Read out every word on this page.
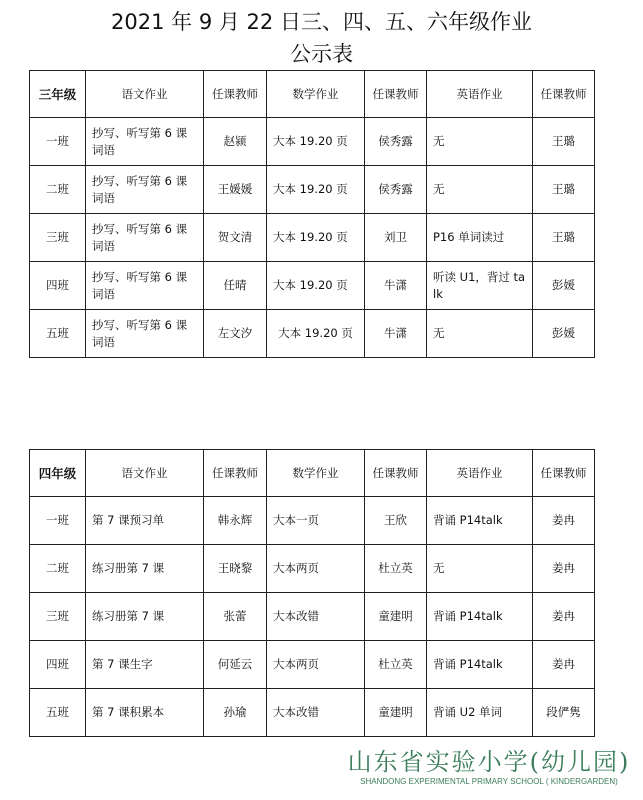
2021 年 9 月 22 日三、四、五、六年级作业
公示表
三年级	语文作业	任课教师	数学作业	任课教师	英语作业	任课教师
一班	抄写、听写第 6 课词语	赵颍	大本 19.20 页	侯秀露	无	王璐
二班	抄写、听写第 6 课词语	王媛媛	大本 19.20 页	侯秀露	无	王璐
三班	抄写、听写第 6 课词语	贺文清	大本 19.20 页	刘卫	P16 单词读过	王璐
四班	抄写、听写第 6 课词语	任晴	大本 19.20 页	牛潇	听读 U1，背过 talk	彭媛
五班	抄写、听写第 6 课词语	左文汐	大本 19.20 页	牛潇	无	彭媛
四年级	语文作业	任课教师	数学作业	任课教师	英语作业	任课教师
一班	第 7 课预习单	韩永辉	大本一页	王欣	背诵 P14talk	姜冉
二班	练习册第 7 课	王晓黎	大本两页	杜立英	无	姜冉
三班	练习册第 7 课	张蕾	大本改错	童建明	背诵 P14talk	姜冉
四班	第 7 课生字	何延云	大本两页	杜立英	背诵 P14talk	姜冉
五班	第 7 课积累本	孙瑜	大本改错	童建明	背诵 U2 单词	段俨隽
山东省实验小学(幼儿园)
SHANDONG EXPERIMENTAL PRIMARY SCHOOL ( KINDERGARDEN)
